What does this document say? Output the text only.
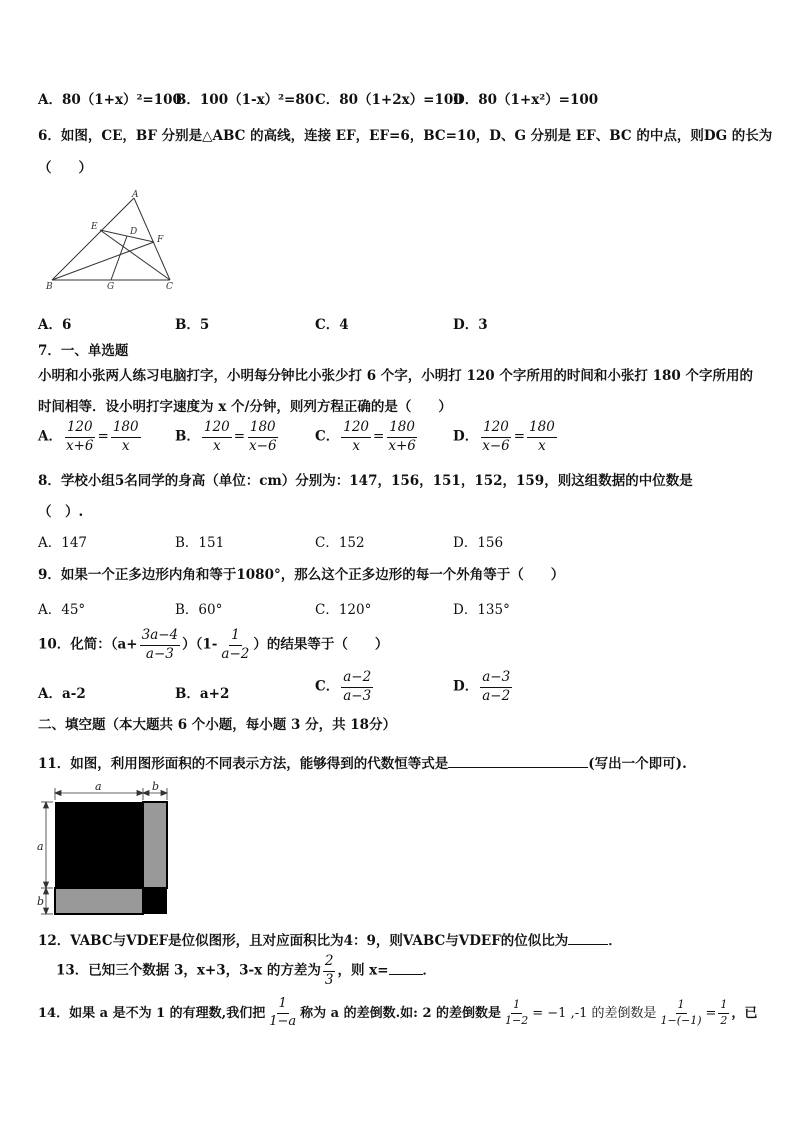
A．80（1+x）²=100
B．100（1-x）²=80 C．80（1+2x）=100
D．80（1+x²）=100
6．如图，CE，BF 分别是△ABC 的高线，连接 EF，EF=6，BC=10，D、G 分别是 EF、BC 的中点，则DG 的长为
（　　）
A
E	D
F
B	G	C
A．6	B．5	C．4	D．3
7．一、单选题
小明和小张两人练习电脑打字，小明每分钟比小张少打 6 个字，小明打 120 个字所用的时间和小张打 180 个字所用的
时间相等．设小明打字速度为 x 个/分钟，则列方程正确的是（　　）
A． $\frac{120}{x+6} = \frac{180}{x}$	B． $\frac{120}{x} = \frac{180}{x-6}$	C． $\frac{120}{x} = \frac{180}{x+6}$	D． $\frac{120}{x-6} = \frac{180}{x}$
8．学校小组5名同学的身高（单位：cm）分别为：147，156，151，152，159，则这组数据的中位数是
（　）.
A．147	B．151	C．152	D．156
9．如果一个正多边形内角和等于1080°，那么这个正多边形的每一个外角等于（　　）
A．45°	B．60°	C．120°	D．135°
10．化简：$(a+ \frac{3a-4}{a-3} )(1- \frac{1}{a-2}$ ）的结果等于（　　）
A．a-2	B．a+2	C． $\frac{a-2}{a-3}$	D． $\frac{a-3}{a-2}$
二、填空题（本大题共 6 个小题，每小题 3 分，共 18分）
11．如图，利用图形面积的不同表示方法，能够得到的代数恒等式是	(写出一个即可).
a	b
a
b
12．VABC与VDEF是位似图形，且对应面积比为4：9，则VABC与VDEF的位似比为	．
13．已知三个数据 3，x+3，3-x 的方差为 $\frac{2}{3}$ ，则 x=	．
14．如果 a 是不为 1 的有理数,我们把 $\frac{1}{1-a}$ 称为 a 的差倒数.如: 2 的差倒数是 $\frac{1}{1-2} = -1$ ,-1 的差倒数是 $\frac{1}{1-(-1)} = \frac{1}{2}$ ，已
